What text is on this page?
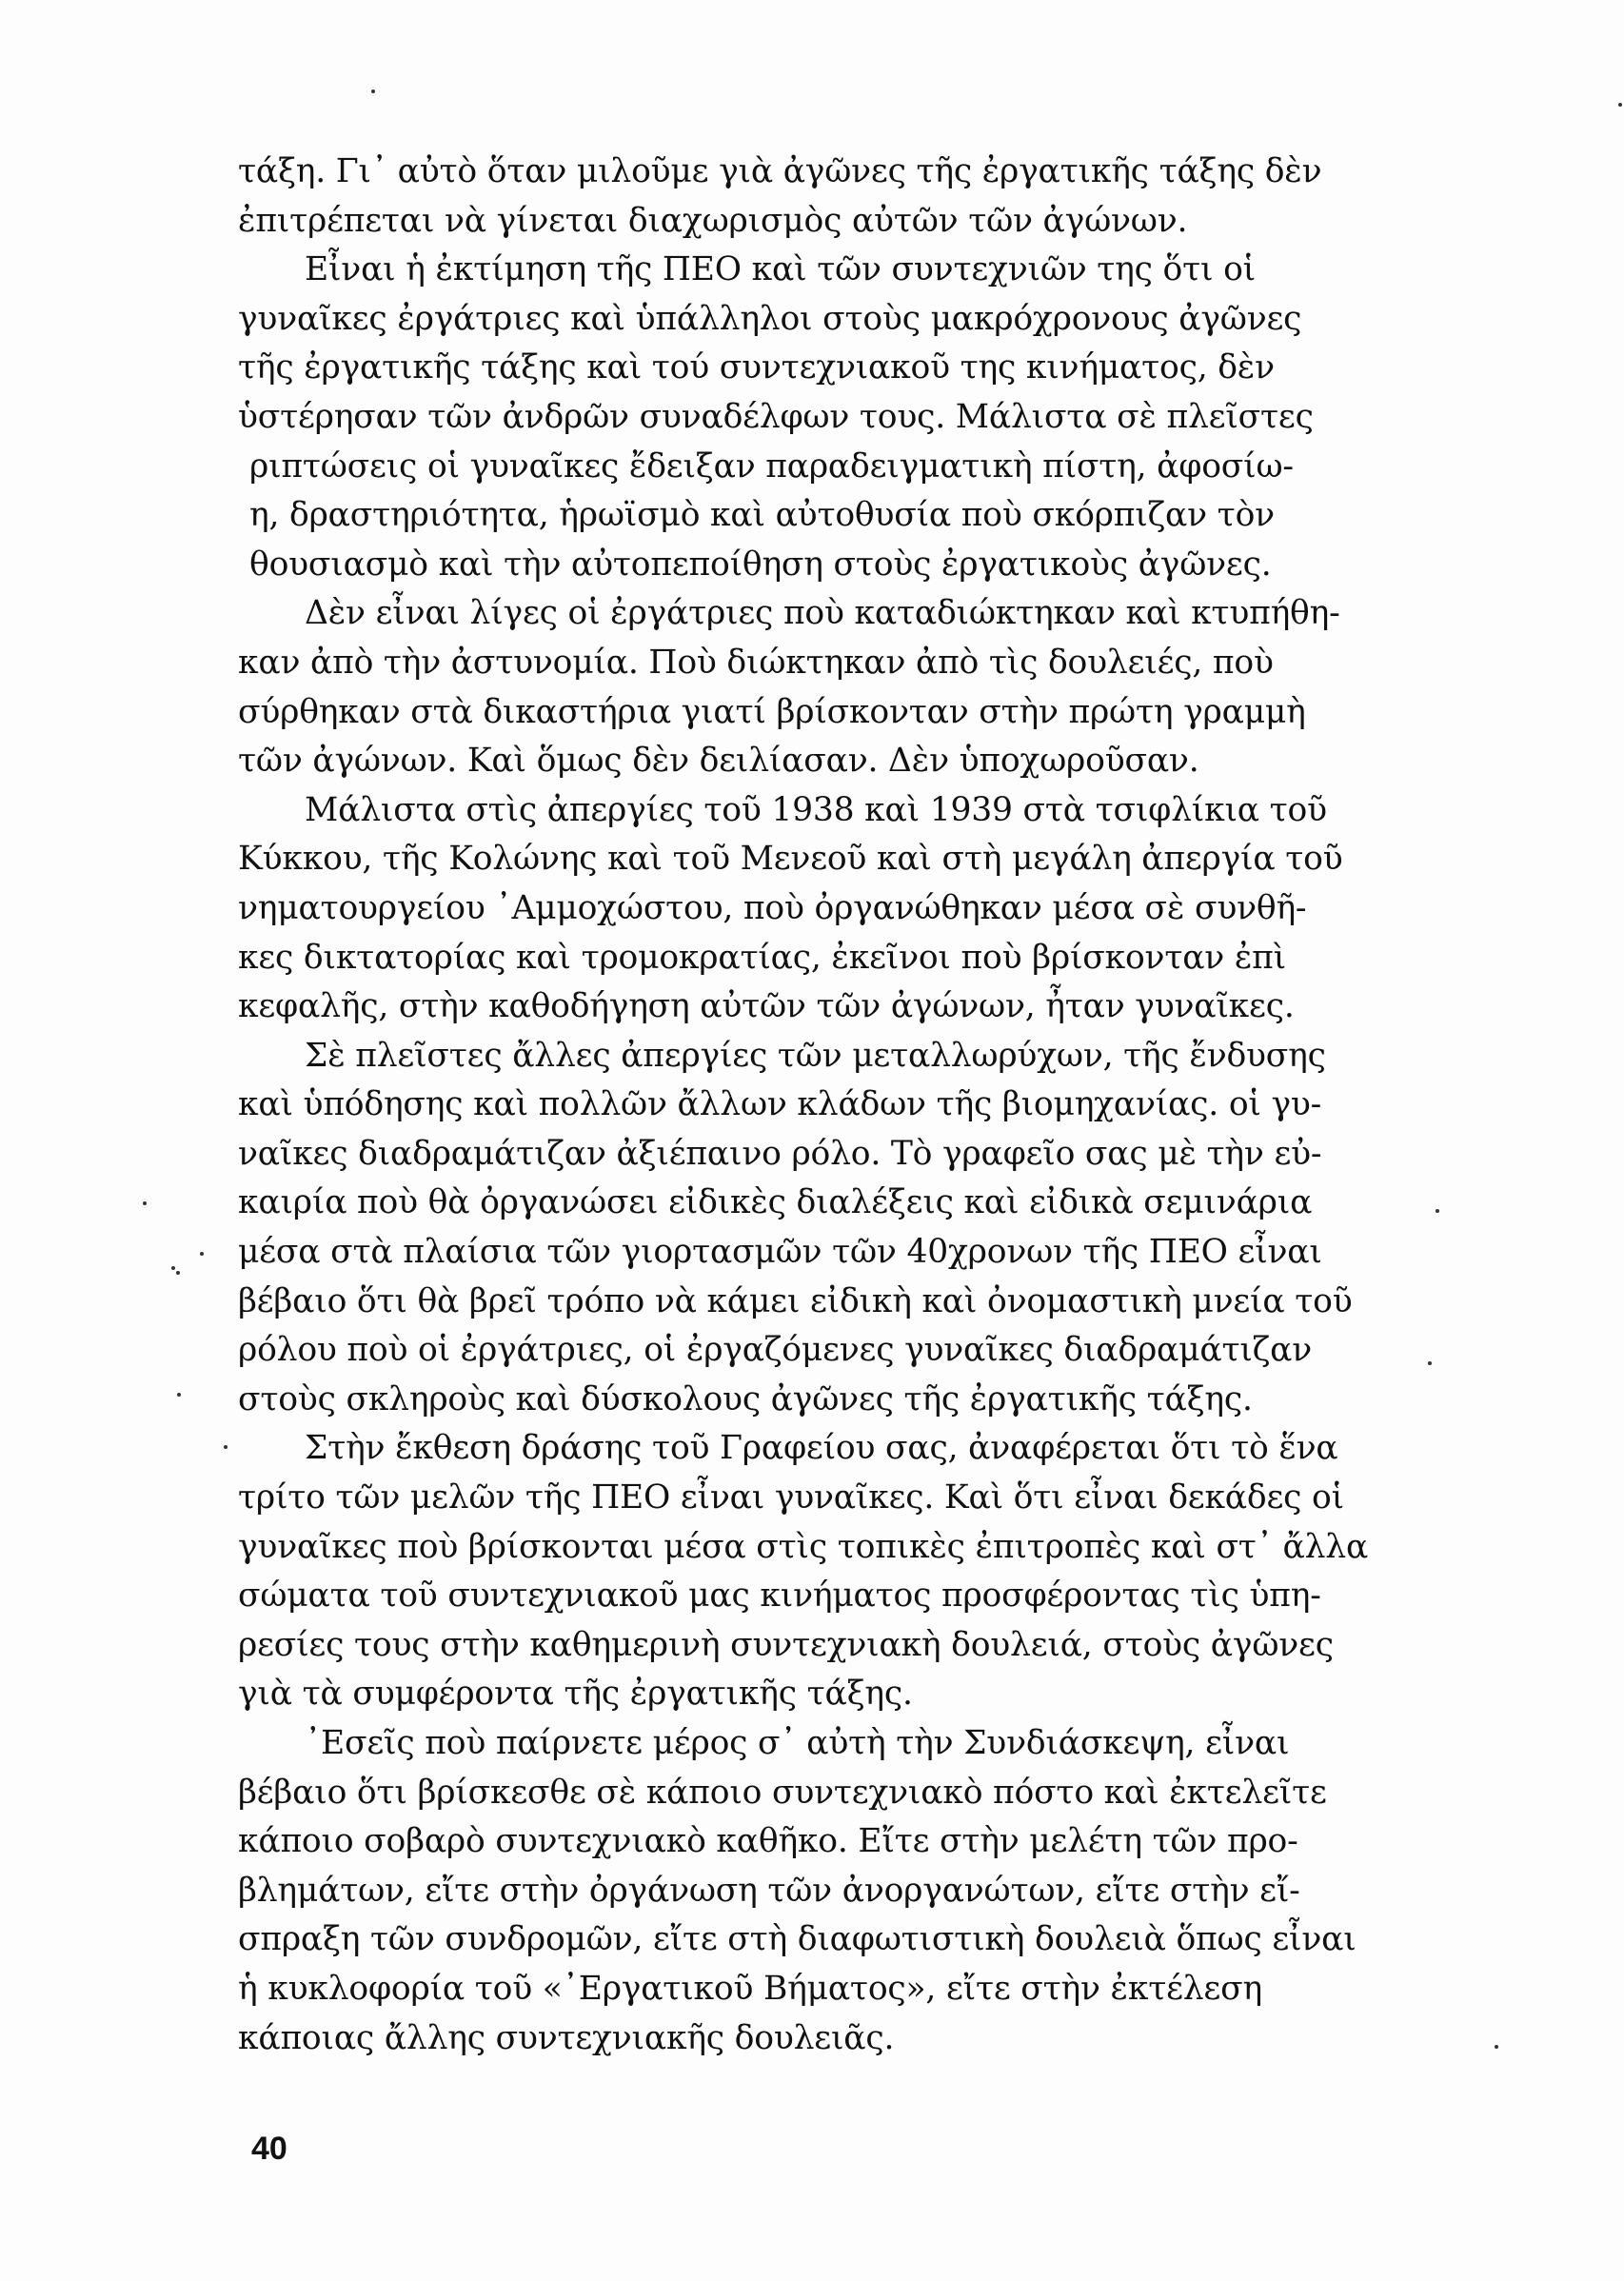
τάξη. Γι᾽ αὐτὸ ὅταν μιλοῦμε γιὰ ἀγῶνες τῆς ἐργατικῆς τάξης δὲν
ἐπιτρέπεται νὰ γίνεται διαχωρισμὸς αὐτῶν τῶν ἀγώνων.
Εἶναι ἡ ἐκτίμηση τῆς ΠΕΟ καὶ τῶν συντεχνιῶν της ὅτι οἱ
γυναῖκες ἐργάτριες καὶ ὑπάλληλοι στοὺς μακρόχρονους ἀγῶνες
τῆς ἐργατικῆς τάξης καὶ τού συντεχνιακοῦ της κινήματος, δὲν
ὑστέρησαν τῶν ἀνδρῶν συναδέλφων τους. Μάλιστα σὲ πλεῖστες
ριπτώσεις οἱ γυναῖκες ἔδειξαν παραδειγματικὴ πίστη, ἀφοσίω-
η, δραστηριότητα, ἡρωϊσμὸ καὶ αὐτοθυσία ποὺ σκόρπιζαν τὸν
θουσιασμὸ καὶ τὴν αὐτοπεποίθηση στοὺς ἐργατικοὺς ἀγῶνες.
Δὲν εἶναι λίγες οἱ ἐργάτριες ποὺ καταδιώκτηκαν καὶ κτυπήθη-
καν ἀπὸ τὴν ἀστυνομία. Ποὺ διώκτηκαν ἀπὸ τὶς δουλειές, ποὺ
σύρθηκαν στὰ δικαστήρια γιατί βρίσκονταν στὴν πρώτη γραμμὴ
τῶν ἀγώνων. Καὶ ὅμως δὲν δειλίασαν. Δὲν ὑποχωροῦσαν.
Μάλιστα στὶς ἀπεργίες τοῦ 1938 καὶ 1939 στὰ τσιφλίκια τοῦ
Κύκκου, τῆς Κολώνης καὶ τοῦ Μενεοῦ καὶ στὴ μεγάλη ἀπεργία τοῦ
νηματουργείου ᾽Αμμοχώστου, ποὺ ὀργανώθηκαν μέσα σὲ συνθῆ-
κες δικτατορίας καὶ τρομοκρατίας, ἐκεῖνοι ποὺ βρίσκονταν ἐπὶ
κεφαλῆς, στὴν καθοδήγηση αὐτῶν τῶν ἀγώνων, ἦταν γυναῖκες.
Σὲ πλεῖστες ἄλλες ἀπεργίες τῶν μεταλλωρύχων, τῆς ἔνδυσης
καὶ ὑπόδησης καὶ πολλῶν ἄλλων κλάδων τῆς βιομηχανίας. οἱ γυ-
ναῖκες διαδραμάτιζαν ἀξιέπαινο ρόλο. Τὸ γραφεῖο σας μὲ τὴν εὐ-
καιρία ποὺ θὰ ὀργανώσει εἰδικὲς διαλέξεις καὶ εἰδικὰ σεμινάρια
μέσα στὰ πλαίσια τῶν γιορτασμῶν τῶν 40χρονων τῆς ΠΕΟ εἶναι
βέβαιο ὅτι θὰ βρεῖ τρόπο νὰ κάμει εἰδικὴ καὶ ὀνομαστικὴ μνεία τοῦ
ρόλου ποὺ οἱ ἐργάτριες, οἱ ἐργαζόμενες γυναῖκες διαδραμάτιζαν
στοὺς σκληροὺς καὶ δύσκολους ἀγῶνες τῆς ἐργατικῆς τάξης.
Στὴν ἔκθεση δράσης τοῦ Γραφείου σας, ἀναφέρεται ὅτι τὸ ἕνα
τρίτο τῶν μελῶν τῆς ΠΕΟ εἶναι γυναῖκες. Καὶ ὅτι εἶναι δεκάδες οἱ
γυναῖκες ποὺ βρίσκονται μέσα στὶς τοπικὲς ἐπιτροπὲς καὶ στ᾽ ἄλλα
σώματα τοῦ συντεχνιακοῦ μας κινήματος προσφέροντας τὶς ὑπη-
ρεσίες τους στὴν καθημερινὴ συντεχνιακὴ δουλειά, στοὺς ἀγῶνες
γιὰ τὰ συμφέροντα τῆς ἐργατικῆς τάξης.
᾽Εσεῖς ποὺ παίρνετε μέρος σ᾽ αὐτὴ τὴν Συνδιάσκεψη, εἶναι
βέβαιο ὅτι βρίσκεσθε σὲ κάποιο συντεχνιακὸ πόστο καὶ ἐκτελεῖτε
κάποιο σοβαρὸ συντεχνιακὸ καθῆκο. Εἴτε στὴν μελέτη τῶν προ-
βλημάτων, εἴτε στὴν ὀργάνωση τῶν ἀνοργανώτων, εἴτε στὴν εἴ-
σπραξη τῶν συνδρομῶν, εἴτε στὴ διαφωτιστικὴ δουλειὰ ὅπως εἶναι
ἡ κυκλοφορία τοῦ «᾽Εργατικοῦ Βήματος», εἴτε στὴν ἐκτέλεση
κάποιας ἄλλης συντεχνιακῆς δουλειᾶς.
40
